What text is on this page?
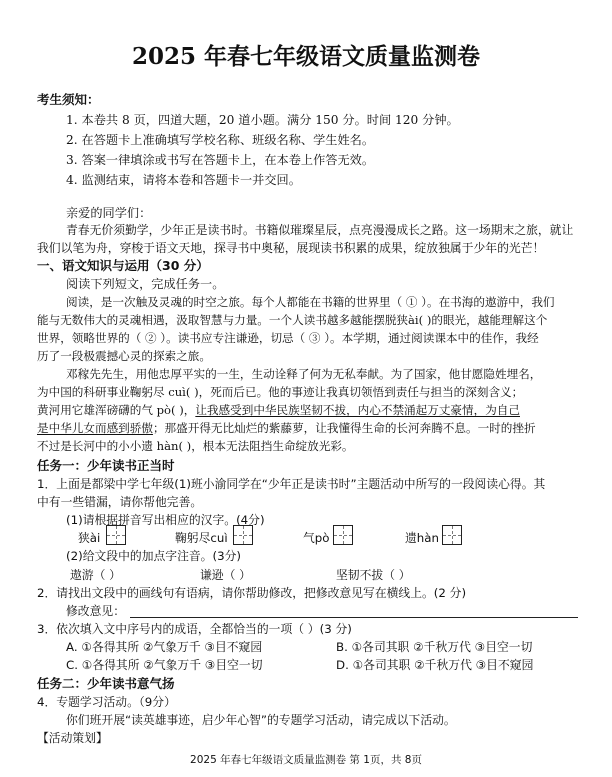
2025 年春七年级语文质量监测卷
考生须知：
1. 本卷共 8 页，四道大题，20 道小题。满分 150 分。时间 120 分钟。
2. 在答题卡上准确填写学校名称、班级名称、学生姓名。
3. 答案一律填涂或书写在答题卡上，在本卷上作答无效。
4. 监测结束，请将本卷和答题卡一并交回。
亲爱的同学们：
青春无价须勤学，少年正是读书时。书籍似璀璨星辰，点亮漫漫成长之路。这一场期末之旅，就让
我们以笔为舟，穿梭于语文天地，探寻书中奥秘，展现读书积累的成果，绽放独属于少年的光芒！
一、语文知识与运用（30 分）
阅读下列短文，完成任务一。
阅读，是一次触及灵魂的时空之旅。每个人都能在书籍的世界里（ ① ）。在书海的遨游中，我们
能与无数伟大的灵魂相遇，汲取智慧与力量。一个人读书越多越能摆脱狭ài( )的眼光，越能理解这个
世界，领略世界的（ ② ）。读书应专注谦逊，切忌（ ③ ）。本学期，通过阅读课本中的佳作，我经
历了一段极震撼心灵的探索之旅。
邓稼先先生，用他忠厚平实的一生，生动诠释了何为无私奉献。为了国家，他甘愿隐姓埋名，
为中国的科研事业鞠躬尽 cuì( )，死而后已。他的事迹让我真切领悟到责任与担当的深刻含义；
黄河用它雄浑磅礴的气 pò( )，让我感受到中华民族坚韧不拔，内心不禁涌起万丈豪情，为自己
是中华儿女而感到骄傲；那盛开得无比灿烂的紫藤萝，让我懂得生命的长河奔腾不息。一时的挫折
不过是长河中的小小遗 hàn( )，根本无法阻挡生命绽放光彩。
任务一：少年读书正当时
1．上面是都梁中学七年级(1)班小渝同学在“少年正是读书时”主题活动中所写的一段阅读心得。其
中有一些错漏，请你帮他完善。
(1)请根据拼音写出相应的汉字。(4分)
狭ài	鞠躬尽cuì	气pò	遗hàn
(2)给文段中的加点字注音。(3分)
遨游（ ）	谦逊（ ）	坚韧不拔（ ）
2．请找出文段中的画线句有语病，请你帮助修改，把修改意见写在横线上。(2 分)
修改意见：
3．依次填入文中序号内的成语，全都恰当的一项（ ）(3 分)
A. ①各得其所 ②气象万千 ③目不窥园	B. ①各司其职 ②千秋万代 ③目空一切
C. ①各得其所 ②气象万千 ③目空一切	D. ①各司其职 ②千秋万代 ③目不窥园
任务二：少年读书意气扬
4．专题学习活动。（9分）
你们班开展“读英雄事迹，启少年心智”的专题学习活动，请完成以下活动。
【活动策划】
2025 年春七年级语文质量监测卷 第 1页，共 8页
